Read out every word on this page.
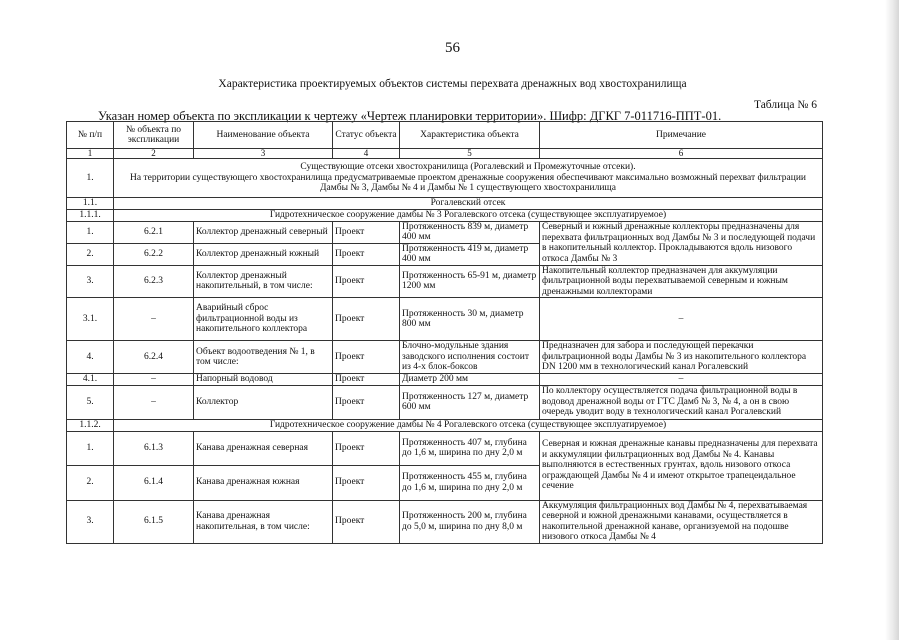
56
Характеристика проектируемых объектов системы перехвата дренажных вод хвостохранилища
Таблица № 6
Указан номер объекта по экспликации к чертежу «Чертеж планировки территории». Шифр: ДГКГ 7-011716-ППТ-01.
№ п/п	№ объекта по экспликации	Наименование объекта	Статус объекта	Характеристика объекта	Примечание
1	2	3	4	5	6
1.	Существующие отсеки хвостохранилища (Рогалевский и Промежуточные отсеки).
На территории существующего хвостохранилища предусматриваемые проектом дренажные сооружения обеспечивают максимально возможный перехват фильтрации Дамбы № 3, Дамбы № 4 и Дамбы № 1 существующего хвостохранилища				

1.1.	Рогалевский отсек				
1.1.1.	Гидротехническое сооружение дамбы № 3 Рогалевского отсека (существующее эксплуатируемое)				
1.	6.2.1	Коллектор дренажный северный	Проект	Протяженность 839 м, диаметр 400 мм	Северный и южный дренажные коллекторы предназначены для перехвата фильтрационных вод Дамбы № 3 и последующей подачи в накопительный коллектор. Прокладываются вдоль низового откоса Дамбы № 3
2.	6.2.2	Коллектор дренажный южный	Проект	Протяженность 419 м, диаметр 400 мм	
3.	6.2.3	Коллектор дренажный накопительный, в том числе:	Проект	Протяженность 65-91 м, диаметр 1200 мм	Накопительный коллектор предназначен для аккумуляции фильтрационной воды перехватываемой северным и южным дренажными коллекторами
3.1.	–	Аварийный сброс фильтрационной воды из накопительного коллектора	Проект	Протяженность 30 м, диаметр 800 мм	–
4.	6.2.4	Объект водоотведения № 1, в том числе:	Проект	Блочно-модульные здания заводского исполнения состоит из 4-х блок-боксов	Предназначен для забора и последующей перекачки фильтрационной воды Дамбы № 3 из накопительного коллектора DN 1200 мм в технологический канал Рогалевский
4.1.	–	Напорный водовод	Проект	Диаметр 200 мм	–
5.	–	Коллектор	Проект	Протяженность 127 м, диаметр 600 мм	По коллектору осуществляется подача фильтрационной воды в водовод дренажной воды от ГТС Дамб № 3, № 4, а он в свою очередь уводит воду в технологический канал Рогалевский
1.1.2.	Гидротехническое сооружение дамбы № 4 Рогалевского отсека (существующее эксплуатируемое)				
1.	6.1.3	Канава дренажная северная	Проект	Протяженность 407 м, глубина до 1,6 м, ширина по дну 2,0 м	Северная и южная дренажные канавы предназначены для перехвата и аккумуляции фильтрационных вод Дамбы № 4. Канавы выполняются в естественных грунтах, вдоль низового откоса ограждающей Дамбы № 4 и имеют открытое трапецеидальное сечение
2.	6.1.4	Канава дренажная южная	Проект	Протяженность 455 м, глубина до 1,6 м, ширина по дну 2,0 м	
3.	6.1.5	Канава дренажная накопительная, в том числе:	Проект	Протяженность 200 м, глубина до 5,0 м, ширина по дну 8,0 м	Аккумуляция фильтрационных вод Дамбы № 4, перехватываемая северной и южной дренажными канавами, осуществляется в накопительной дренажной канаве, организуемой на подошве низового откоса Дамбы № 4
